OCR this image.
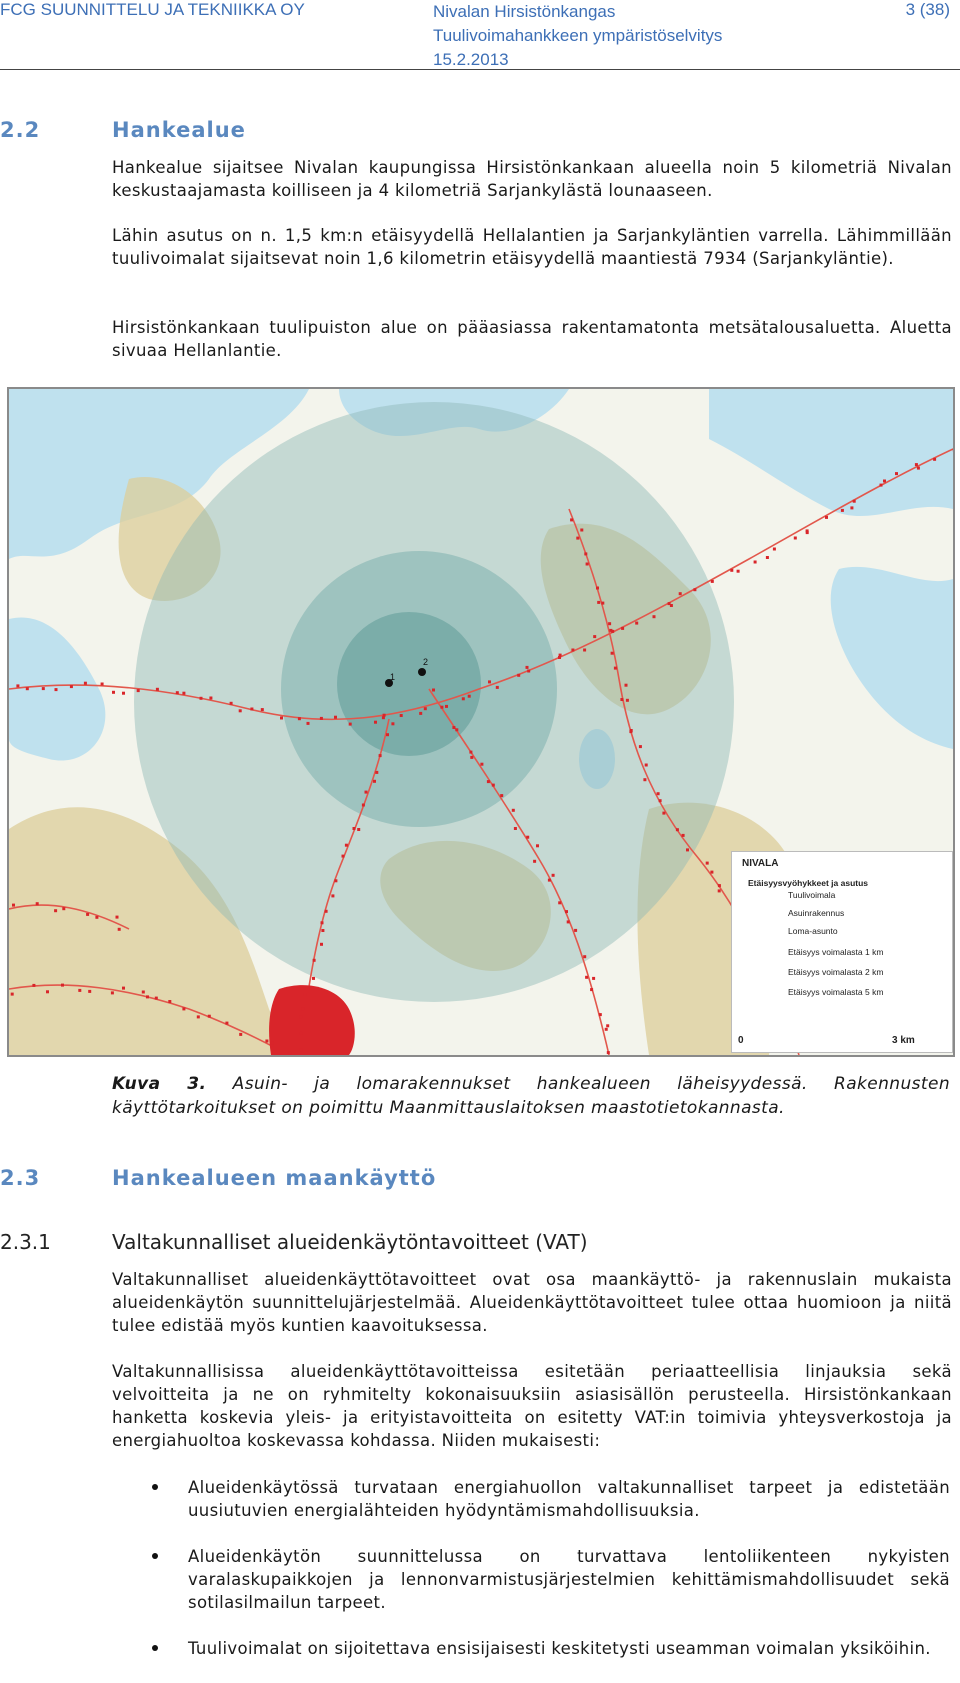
FCG SUUNNITTELU JA TEKNIIKKA OY	Nivalan Hirsistönkangas
Tuulivoimahankkeen ympäristöselvitys
15.2.2013
3 (38)
2.2	Hankealue

Hankealue sijaitsee Nivalan kaupungissa Hirsistönkankaan alueella noin 5 kilometriä Nivalan keskustaajamasta koilliseen ja 4 kilometriä Sarjankylästä lounaaseen.

Lähin asutus on n. 1,5 km:n etäisyydellä Hellalantien ja Sarjankyläntien varrella. Lähimmillään tuulivoimalat sijaitsevat noin 1,6 kilometrin etäisyydellä maantiestä 7934 (Sarjankyläntie).

Hirsistönkankaan tuulipuiston alue on pääasiassa rakentamatonta metsätalousaluetta. Aluetta sivuaa Hellanlantie.

2
1
NIVALA
Etäisyysvyöhykkeet ja asutus
Tuulivoimala
Asuinrakennus
Loma-asunto
Etäisyys voimalasta 1 km
Etäisyys voimalasta 2 km
Etäisyys voimalasta 5 km
0	3 km

Kuva 3. Asuin- ja lomarakennukset hankealueen läheisyydessä. Rakennusten käyttötarkoitukset on poimittu Maanmittauslaitoksen maastotietokannasta.

2.3	Hankealueen maankäyttö
2.3.1	Valtakunnalliset alueidenkäytöntavoitteet (VAT)

Valtakunnalliset alueidenkäyttötavoitteet ovat osa maankäyttö- ja rakennuslain mukaista alueidenkäytön suunnittelujärjestelmää. Alueidenkäyttötavoitteet tulee ottaa huomioon ja niitä tulee edistää myös kuntien kaavoituksessa.

Valtakunnallisissa alueidenkäyttötavoitteissa esitetään periaatteellisia linjauksia sekä velvoitteita ja ne on ryhmitelty kokonaisuuksiin asiasisällön perusteella. Hirsistönkankaan hanketta koskevia yleis- ja erityistavoitteita on esitetty VAT:in toimivia yhteysverkostoja ja energiahuoltoa koskevassa kohdassa. Niiden mukaisesti:

Alueidenkäytössä turvataan energiahuollon valtakunnalliset tarpeet ja edistetään uusiutuvien energialähteiden hyödyntämismahdollisuuksia.

Alueidenkäytön suunnittelussa on turvattava lentoliikenteen nykyisten varalaskupaikkojen ja lennonvarmistusjärjestelmien kehittämismahdollisuudet sekä sotilasilmailun tarpeet.

Tuulivoimalat on sijoitettava ensisijaisesti keskitetysti useamman voimalan yksiköihin.
